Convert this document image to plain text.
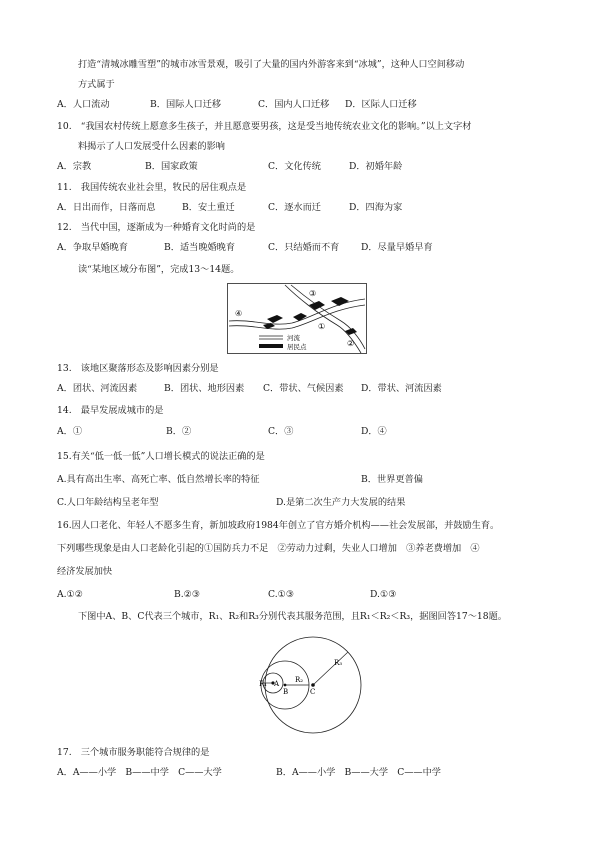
打造“清城冰雕雪塑”的城市冰雪景观，吸引了大量的国内外游客来到“冰城”，这种人口空间移动
方式属于
A．人口流动	B．国际人口迁移	C．国内人口迁移 D．区际人口迁移
10.　“我国农村传统上愿意多生孩子，并且愿意要男孩，这是受当地传统农业文化的影响。”以上文字材
料揭示了人口发展受什么因素的影响
A．宗教	B．国家政策	C．文化传统	D．初婚年龄
11.　我国传统农业社会里，牧民的居住观点是
A．日出而作，日落而息	B．安土重迁	C．逐水而迁	D．四海为家
12.　当代中国，逐渐成为一种婚育文化时尚的是
A．争取早婚晚育	B．适当晚婚晚育	C．只结婚而不育 D．尽量早婚早育
读“某地区域分布图”，完成13～14题。
③
④
①
②
河流
居民点
13.　该地区聚落形态及影响因素分别是
A．团状、河流因素	B．团状、地形因素 C．带状、气候因素 D．带状、河流因素
14.　最早发展成城市的是
A．①	B．②	C．③	D．④
15.有关“低一低一低”人口增长模式的说法正确的是
A.具有高出生率、高死亡率、低自然增长率的特征	B．世界更普偏
C.人口年龄结构呈老年型	D.是第二次生产力大发展的结果
16.因人口老化、年轻人不愿多生育，新加坡政府1984年创立了官方婚介机构——社会发展部，并鼓励生育。
下列哪些现象是由人口老龄化引起的①国防兵力不足　②劳动力过剩，失业人口增加　③养老费增加　④
经济发展加快
A.①②	B.②③	C.①③	D.①③
下图中A、B、C代表三个城市，R₁、R₂和R₃分别代表其服务范围，且R₁＜R₂＜R₃，据图回答17～18题。
A
B	C
R₁	R₂
R₃
17.　三个城市服务职能符合规律的是
A．A——小学　B——中学　C——大学	B．A——小学　B——大学　C——中学
